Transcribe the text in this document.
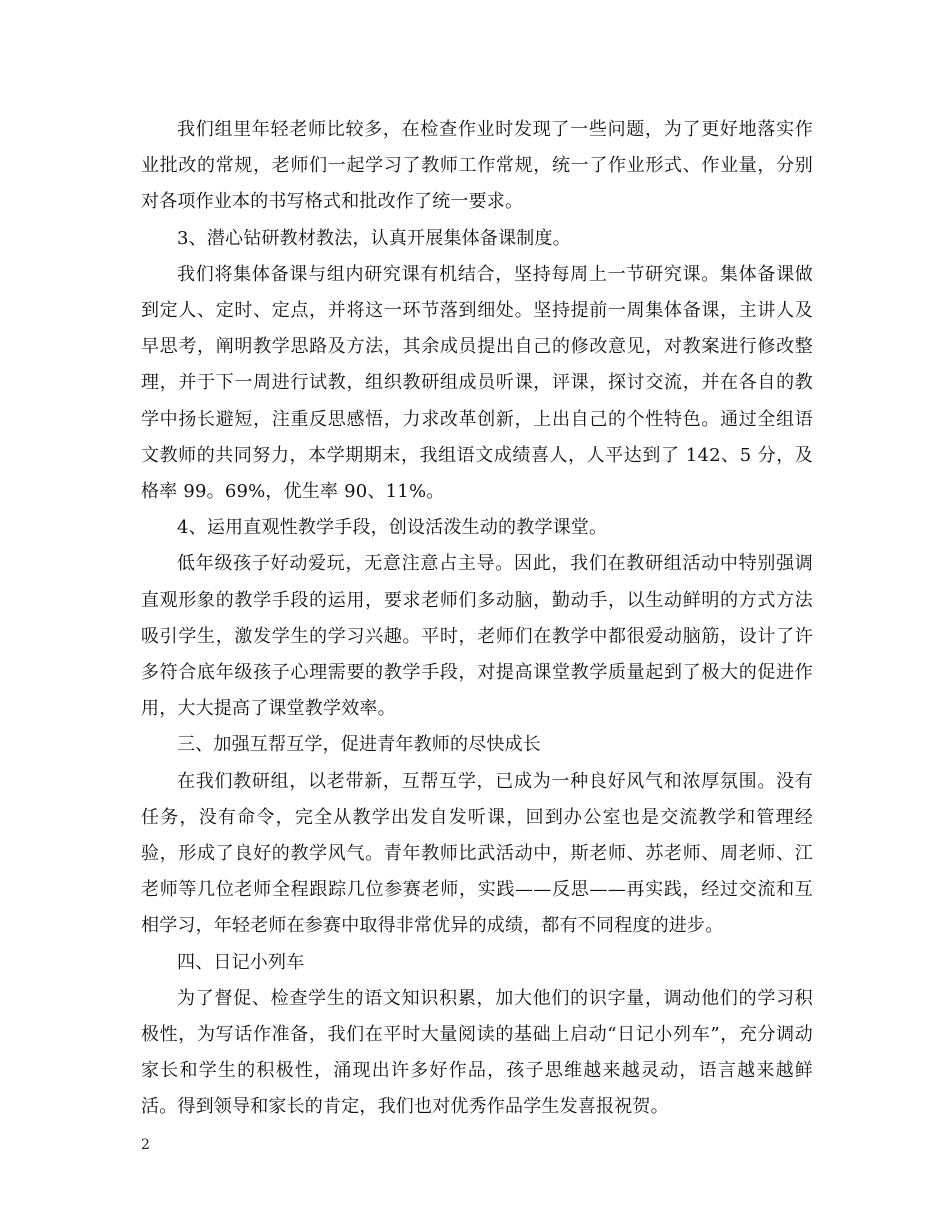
我们组里年轻老师比较多，在检查作业时发现了一些问题，为了更好地落实作业批改的常规，老师们一起学习了教师工作常规，统一了作业形式、作业量，分别对各项作业本的书写格式和批改作了统一要求。

3、潜心钻研教材教法，认真开展集体备课制度。

我们将集体备课与组内研究课有机结合，坚持每周上一节研究课。集体备课做到定人、定时、定点，并将这一环节落到细处。坚持提前一周集体备课，主讲人及早思考，阐明教学思路及方法，其余成员提出自己的修改意见，对教案进行修改整理，并于下一周进行试教，组织教研组成员听课，评课，探讨交流，并在各自的教学中扬长避短，注重反思感悟，力求改革创新，上出自己的个性特色。通过全组语文教师的共同努力，本学期期末，我组语文成绩喜人，人平达到了 142、5 分，及格率 99。69%，优生率 90、11%。

4、运用直观性教学手段，创设活泼生动的教学课堂。

低年级孩子好动爱玩，无意注意占主导。因此，我们在教研组活动中特别强调直观形象的教学手段的运用，要求老师们多动脑，勤动手，以生动鲜明的方式方法吸引学生，激发学生的学习兴趣。平时，老师们在教学中都很爱动脑筋，设计了许多符合底年级孩子心理需要的教学手段，对提高课堂教学质量起到了极大的促进作用，大大提高了课堂教学效率。

三、加强互帮互学，促进青年教师的尽快成长

在我们教研组，以老带新，互帮互学，已成为一种良好风气和浓厚氛围。没有任务，没有命令，完全从教学出发自发听课，回到办公室也是交流教学和管理经验，形成了良好的教学风气。青年教师比武活动中，斯老师、苏老师、周老师、江老师等几位老师全程跟踪几位参赛老师，实践——反思——再实践，经过交流和互相学习，年轻老师在参赛中取得非常优异的成绩，都有不同程度的进步。

四、日记小列车

为了督促、检查学生的语文知识积累，加大他们的识字量，调动他们的学习积极性，为写话作准备，我们在平时大量阅读的基础上启动“日记小列车”，充分调动家长和学生的积极性，涌现出许多好作品，孩子思维越来越灵动，语言越来越鲜活。得到领导和家长的肯定，我们也对优秀作品学生发喜报祝贺。

2
